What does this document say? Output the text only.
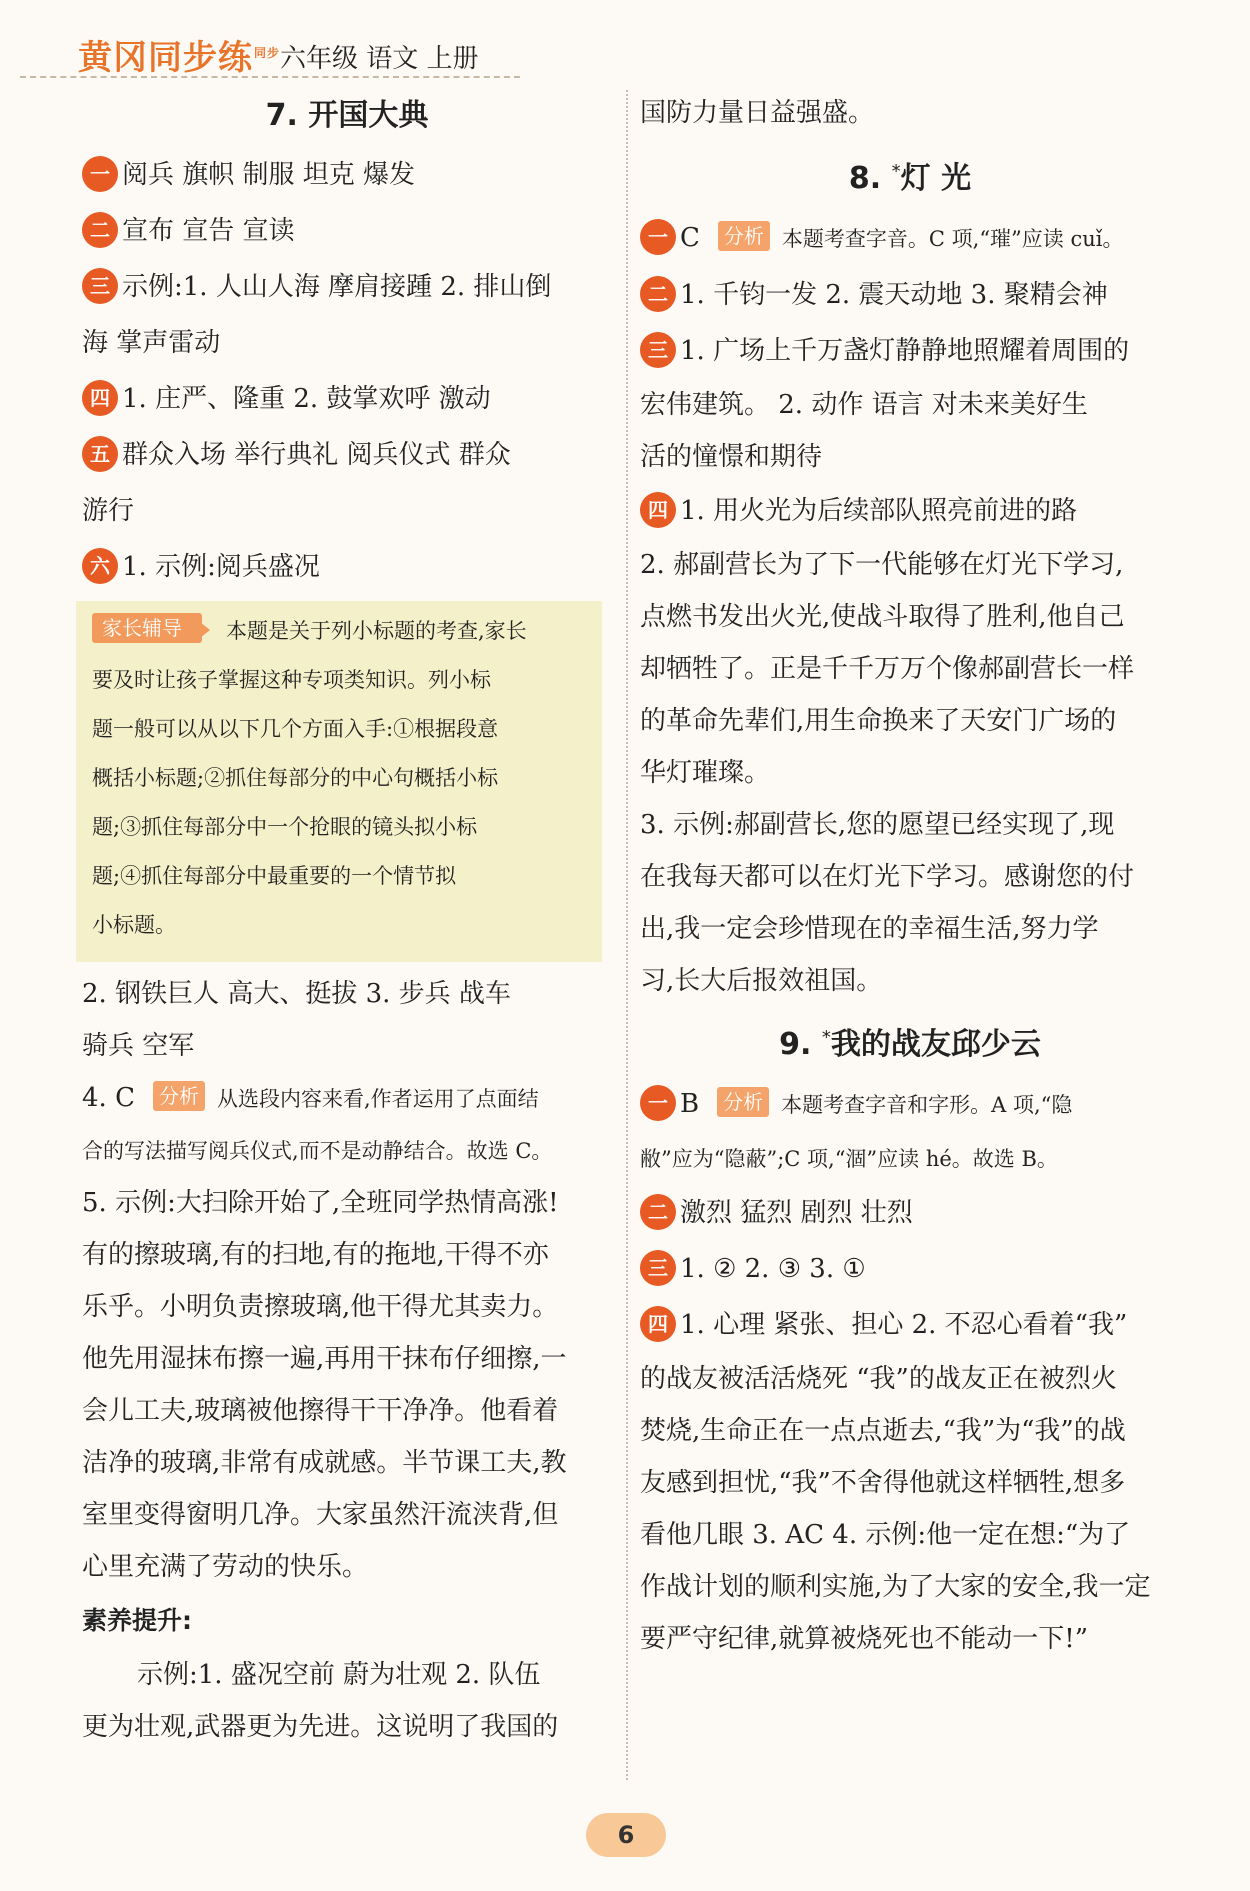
黄冈同步练$^{同步}$ 六年级 语文 上册
7. 开国大典
一 阅兵 旗帜 制服 坦克 爆发
二 宣布 宣告 宣读
三 示例:1. 人山人海 摩肩接踵 2. 排山倒
海 掌声雷动
四 1. 庄严、隆重 2. 鼓掌欢呼 激动
五 群众入场 举行典礼 阅兵仪式 群众
游行
六 1. 示例:阅兵盛况
家长辅导 本题是关于列小标题的考查,家长
要及时让孩子掌握这种专项类知识。列小标
题一般可以从以下几个方面入手:①根据段意
概括小标题;②抓住每部分的中心句概括小标
题;③抓住每部分中一个抢眼的镜头拟小标
题;④抓住每部分中最重要的一个情节拟
小标题。
2. 钢铁巨人 高大、挺拔 3. 步兵 战车
骑兵 空军
4. C 分析 从选段内容来看,作者运用了点面结
合的写法描写阅兵仪式,而不是动静结合。故选 C。
5. 示例:大扫除开始了,全班同学热情高涨!
有的擦玻璃,有的扫地,有的拖地,干得不亦
乐乎。小明负责擦玻璃,他干得尤其卖力。
他先用湿抹布擦一遍,再用干抹布仔细擦,一
会儿工夫,玻璃被他擦得干干净净。他看着
洁净的玻璃,非常有成就感。半节课工夫,教
室里变得窗明几净。大家虽然汗流浃背,但
心里充满了劳动的快乐。
素养提升:
示例:1. 盛况空前 蔚为壮观 2. 队伍
更为壮观,武器更为先进。这说明了我国的
国防力量日益强盛。
8. *灯 光
一 C 分析 本题考查字音。C 项,“璀”应读 cuǐ。
二 1. 千钧一发 2. 震天动地 3. 聚精会神
三 1. 广场上千万盏灯静静地照耀着周围的
宏伟建筑。 2. 动作 语言 对未来美好生
活的憧憬和期待
四 1. 用火光为后续部队照亮前进的路
2. 郝副营长为了下一代能够在灯光下学习,
点燃书发出火光,使战斗取得了胜利,他自己
却牺牲了。正是千千万万个像郝副营长一样
的革命先辈们,用生命换来了天安门广场的
华灯璀璨。
3. 示例:郝副营长,您的愿望已经实现了,现
在我每天都可以在灯光下学习。感谢您的付
出,我一定会珍惜现在的幸福生活,努力学
习,长大后报效祖国。
9. *我的战友邱少云
一 B 分析 本题考查字音和字形。A 项,“隐
敝”应为“隐蔽”;C 项,“涸”应读 hé。故选 B。
二 激烈 猛烈 剧烈 壮烈
三 1. ② 2. ③ 3. ①
四 1. 心理 紧张、担心 2. 不忍心看着“我”
的战友被活活烧死 “我”的战友正在被烈火
焚烧,生命正在一点点逝去,“我”为“我”的战
友感到担忧,“我”不舍得他就这样牺牲,想多
看他几眼 3. AC 4. 示例:他一定在想:“为了
作战计划的顺利实施,为了大家的安全,我一定
要严守纪律,就算被烧死也不能动一下!”
6
